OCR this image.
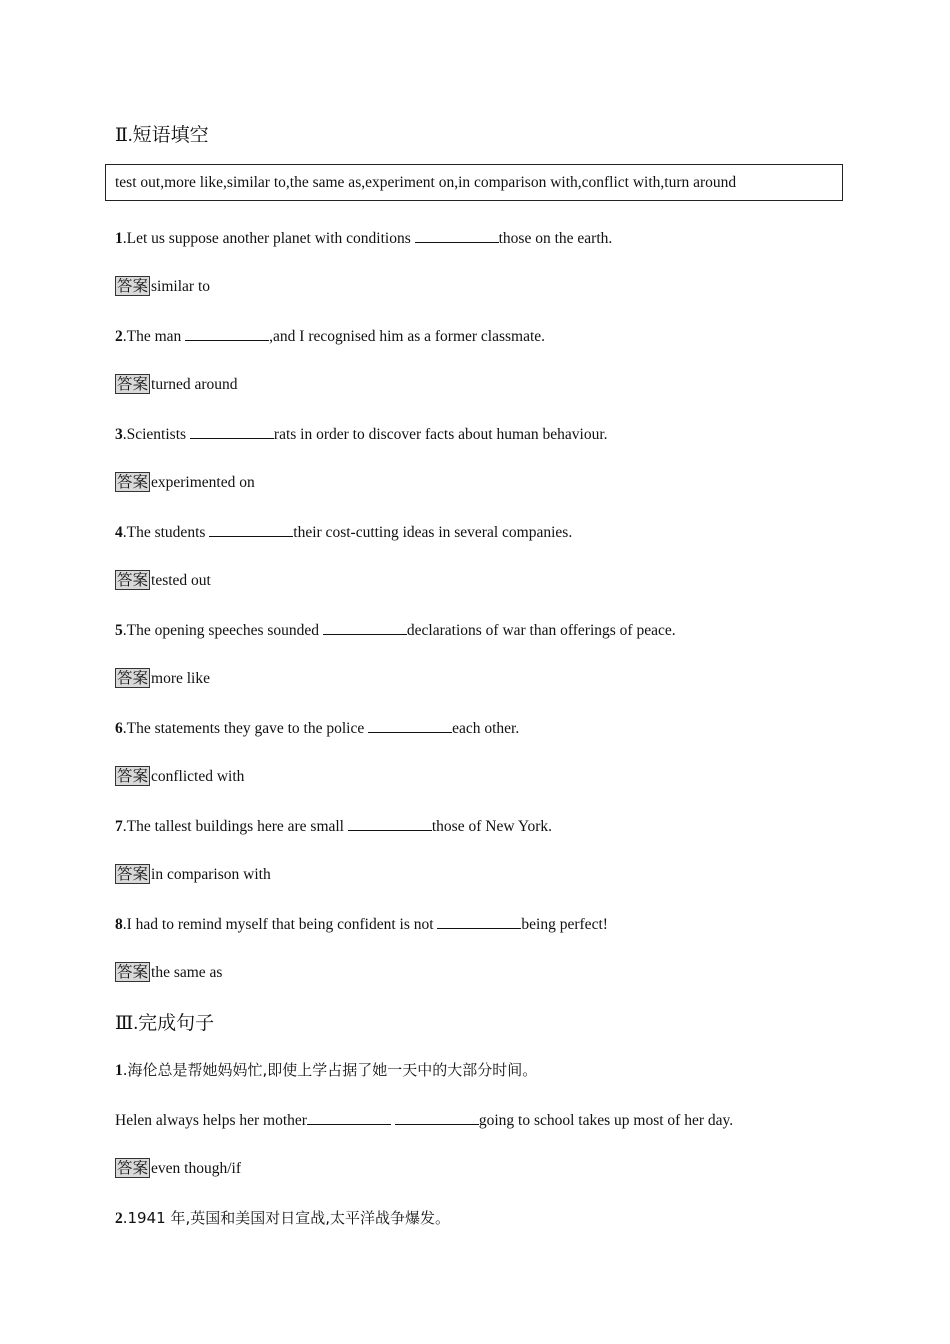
Ⅱ.短语填空
test out,more like,similar to,the same as,experiment on,in comparison with,conflict with,turn around
1.Let us suppose another planet with conditions	those on the earth.
答案 similar to
2.The man	,and I recognised him as a former classmate.
答案 turned around
3.Scientists	rats in order to discover facts about human behaviour.
答案 experimented on
4.The students	their cost-cutting ideas in several companies.
答案 tested out
5.The opening speeches sounded	declarations of war than offerings of peace.
答案 more like
6.The statements they gave to the police	each other.
答案 conflicted with
7.The tallest buildings here are small	those of New York.
答案 in comparison with
8.I had to remind myself that being confident is not	being perfect!
答案 the same as
Ⅲ.完成句子
1.海伦总是帮她妈妈忙,即使上学占据了她一天中的大部分时间。
Helen always helps her mother	going to school takes up most of her day.
答案 even though/if
2.1941 年,英国和美国对日宣战,太平洋战争爆发。
